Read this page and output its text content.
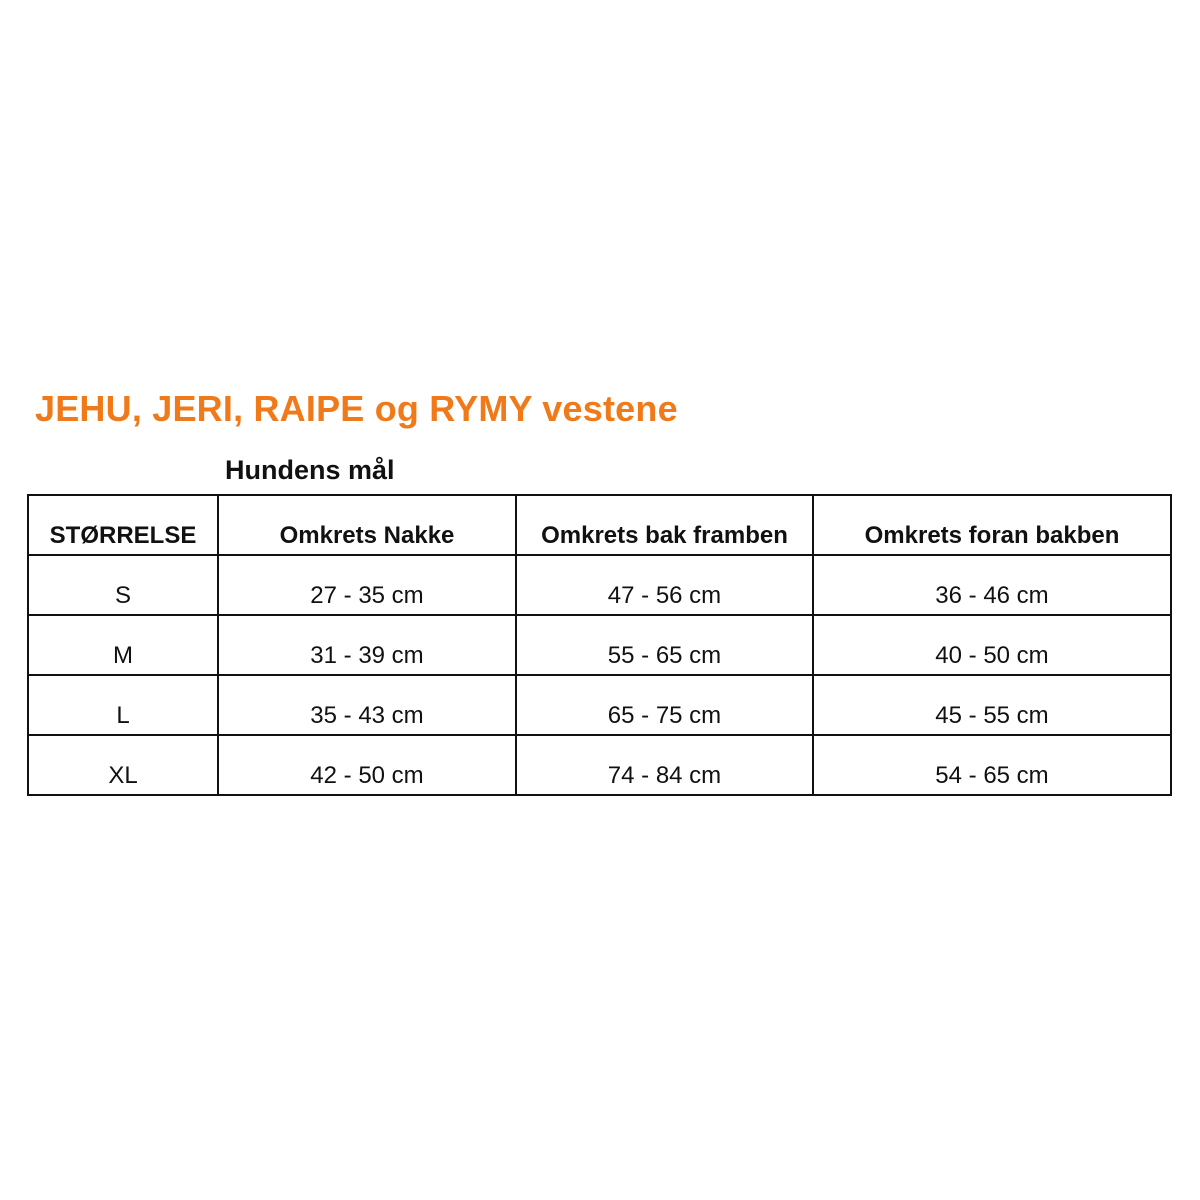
JEHU, JERI, RAIPE og RYMY vestene
Hundens mål
STØRRELSE	Omkrets Nakke	Omkrets bak framben	Omkrets foran bakben
S	27 - 35 cm	47 - 56 cm	36 - 46 cm
M	31 - 39 cm	55 - 65 cm	40 - 50 cm
L	35 - 43 cm	65 - 75 cm	45 - 55 cm
XL	42 - 50 cm	74 - 84 cm	54 - 65 cm
